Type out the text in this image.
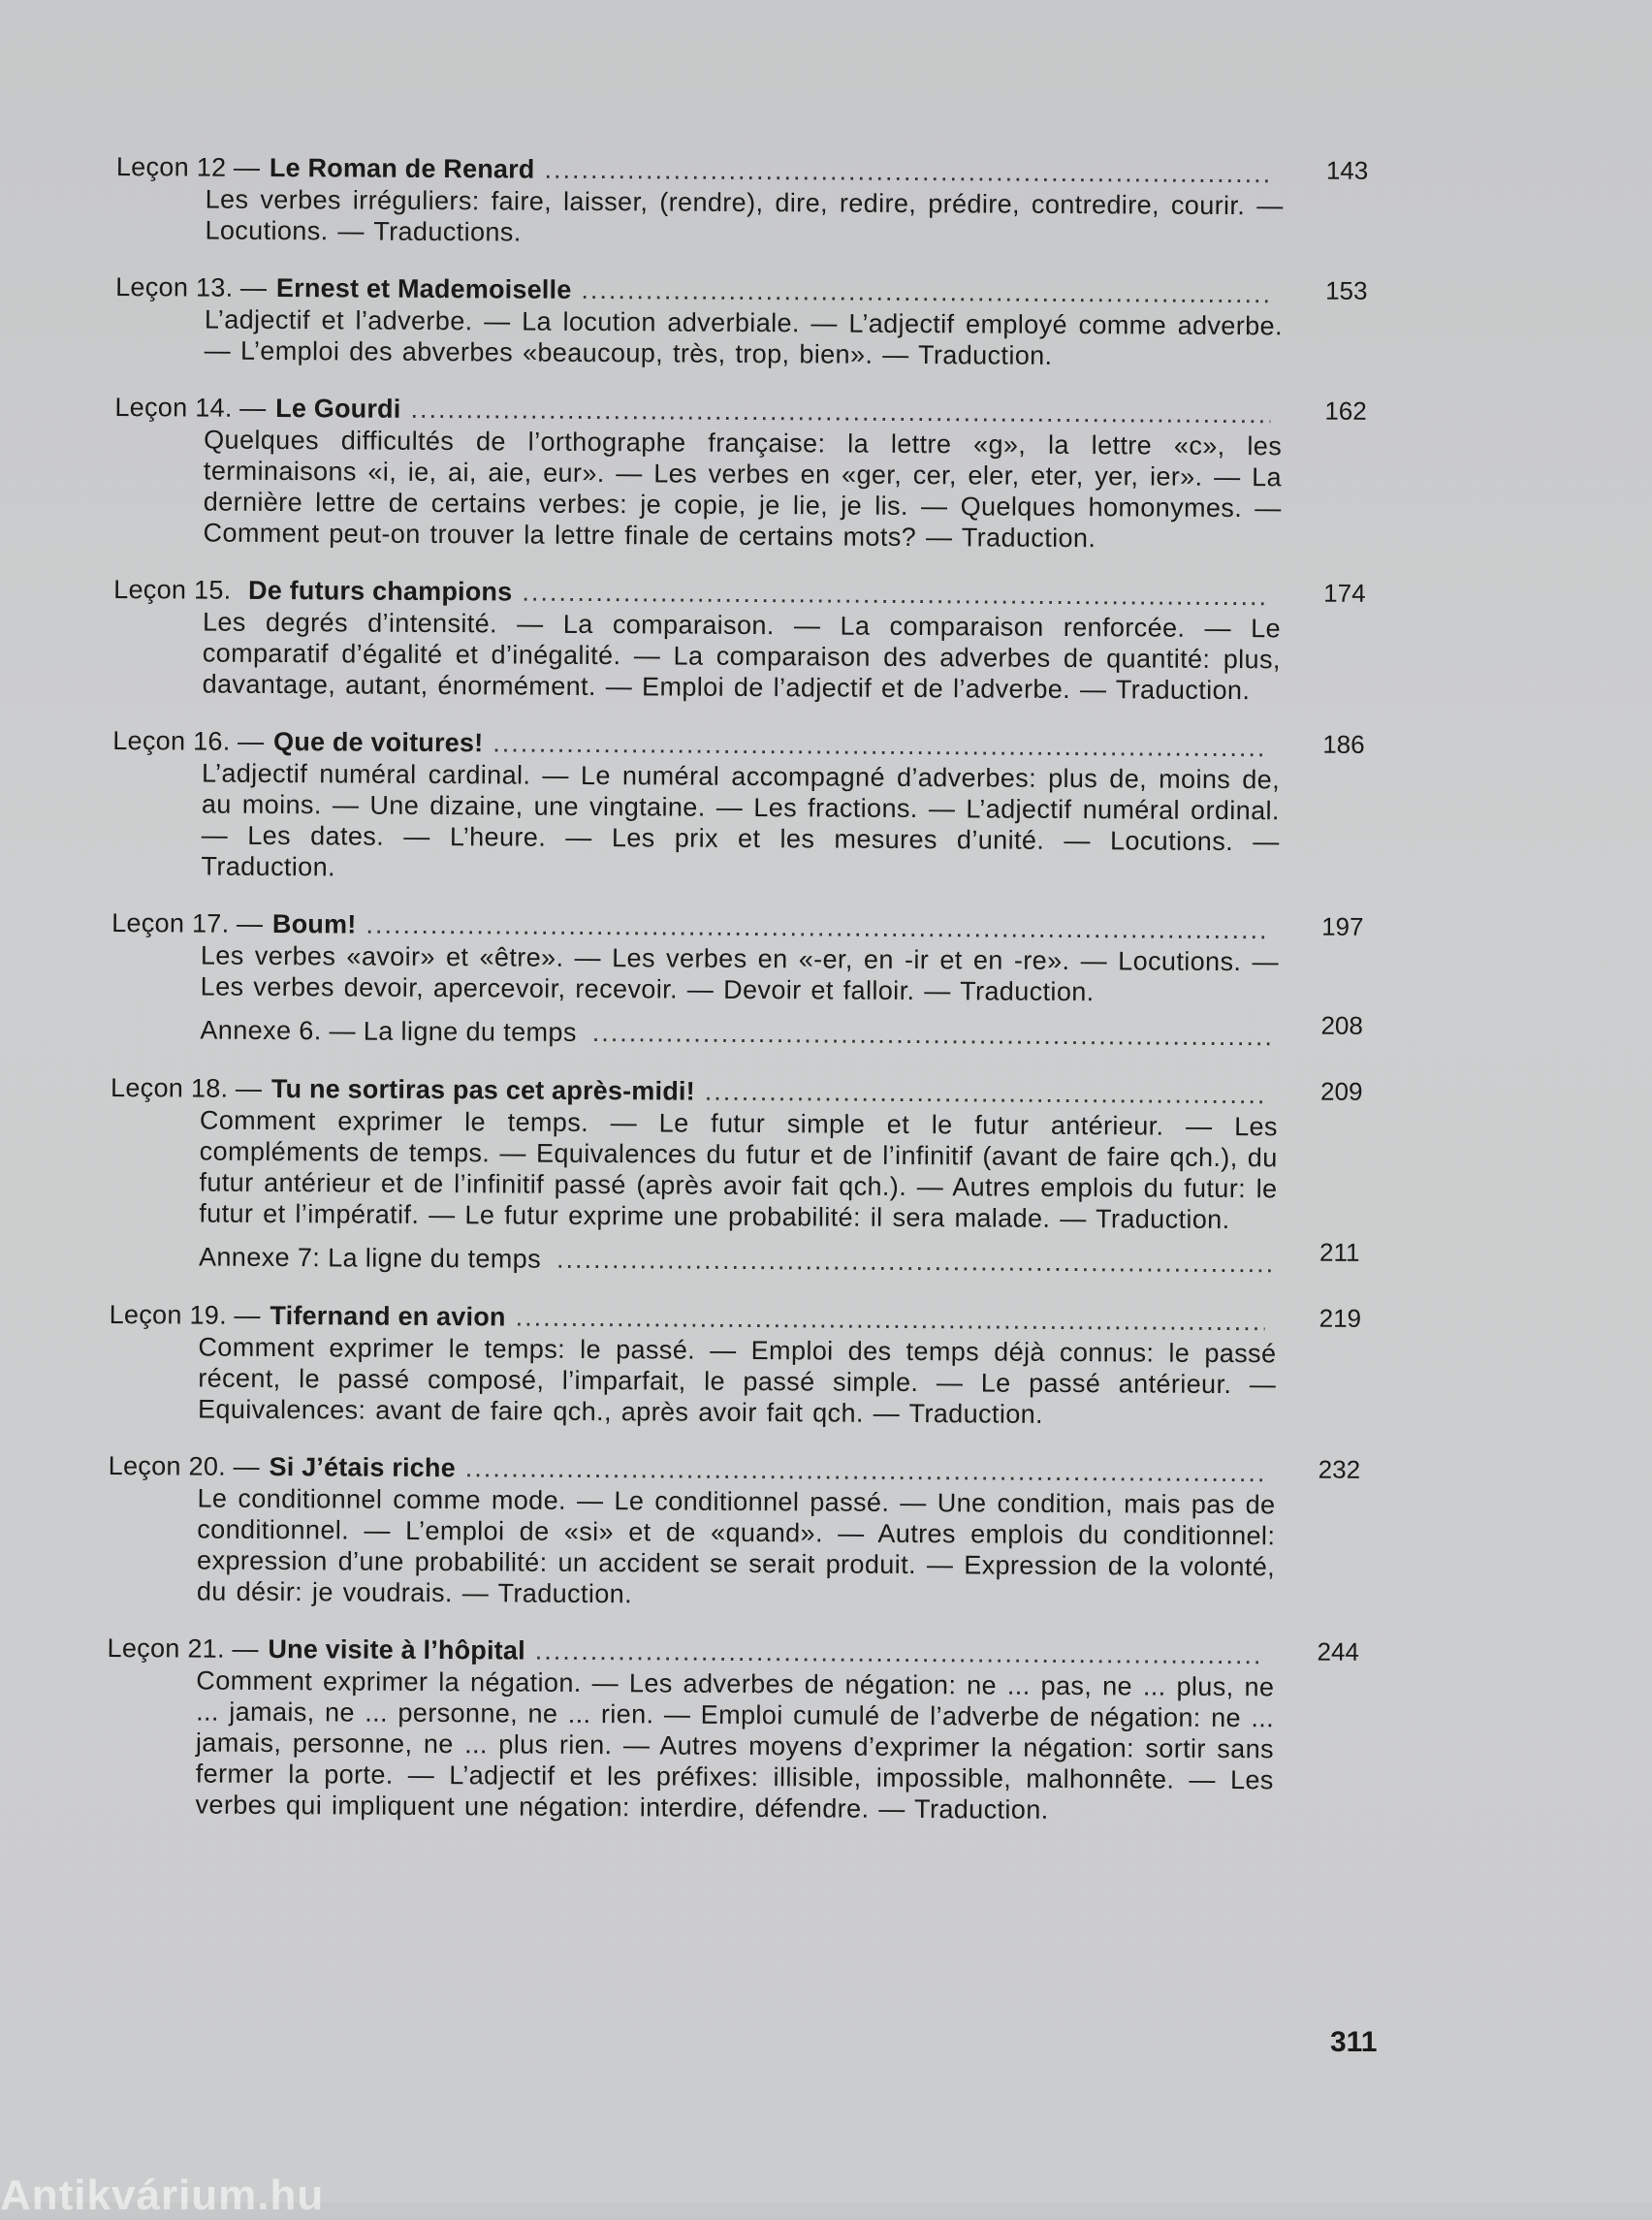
Leçon 12 — Le Roman de Renard .....	143
Les verbes irréguliers: faire, laisser, (rendre), dire, redire, prédire, contredire, courir. — Locutions. — Traductions.
Leçon 13. — Ernest et Mademoiselle .....	153
L’adjectif et l’adverbe. — La locution adverbiale. — L’adjectif employé comme adverbe. — L’emploi des abverbes «beaucoup, très, trop, bien». — Traduction.
Leçon 14. — Le Gourdi .....	162
Quelques difficultés de l’orthographe française: la lettre «g», la lettre «c», les terminaisons «i, ie, ai, aie, eur». — Les verbes en «ger, cer, eler, eter, yer, ier». — La dernière lettre de certains verbes: je copie, je lie, je lis. — Quelques homonymes. — Comment peut-on trouver la lettre finale de certains mots? — Traduction.
Leçon 15.
De futurs champions .....	174
Les degrés d’intensité. — La comparaison. — La comparaison renforcée. — Le comparatif d’égalité et d’inégalité. — La comparaison des adverbes de quantité: plus, davantage, autant, énormément. — Emploi de l’adjectif et de l’adverbe. — Traduction.
Leçon 16. — Que de voitures! .....	186
L’adjectif numéral cardinal. — Le numéral accompagné d’adverbes: plus de, moins de, au moins. — Une dizaine, une vingtaine. — Les fractions. — L’adjectif numéral ordinal. — Les dates. — L’heure. — Les prix et les mesures d’unité. — Locutions. — Traduction.
Leçon 17. — Boum! .....	197
Les verbes «avoir» et «être». — Les verbes en «-er, en -ir et en -re». — Locutions. — Les verbes devoir, apercevoir, recevoir. — Devoir et falloir. — Traduction.
Annexe 6. — La ligne du temps .....	208
Leçon 18. — Tu ne sortiras pas cet après-midi! .....	209
Comment exprimer le temps. — Le futur simple et le futur antérieur. — Les compléments de temps. — Equivalences du futur et de l’infinitif (avant de faire qch.), du futur antérieur et de l’infinitif passé (après avoir fait qch.). — Autres emplois du futur: le futur et l’impératif. — Le futur exprime une probabilité: il sera malade. — Traduction.
Annexe 7: La ligne du temps .....	211
Leçon 19. — Tifernand en avion .....	219
Comment exprimer le temps: le passé. — Emploi des temps déjà connus: le passé récent, le passé composé, l’imparfait, le passé simple. — Le passé antérieur. — Equivalences: avant de faire qch., après avoir fait qch. — Traduction.
Leçon 20. — Si J’étais riche .....	232
Le conditionnel comme mode. — Le conditionnel passé. — Une condition, mais pas de conditionnel. — L’emploi de «si» et de «quand». — Autres emplois du conditionnel: expression d’une probabilité: un accident se serait produit. — Expression de la volonté, du désir: je voudrais. — Traduction.
Leçon 21. — Une visite à l’hôpital .....	244
Comment exprimer la négation. — Les adverbes de négation: ne ... pas, ne ... plus, ne ... jamais, ne ... personne, ne ... rien. — Emploi cumulé de l’adverbe de négation: ne ... jamais, personne, ne ... plus rien. — Autres moyens d’exprimer la négation: sortir sans fermer la porte. — L’adjectif et les préfixes: illisible, impossible, malhonnête. — Les verbes qui impliquent une négation: interdire, défendre. — Traduction.
311
Antikvárium.hu
